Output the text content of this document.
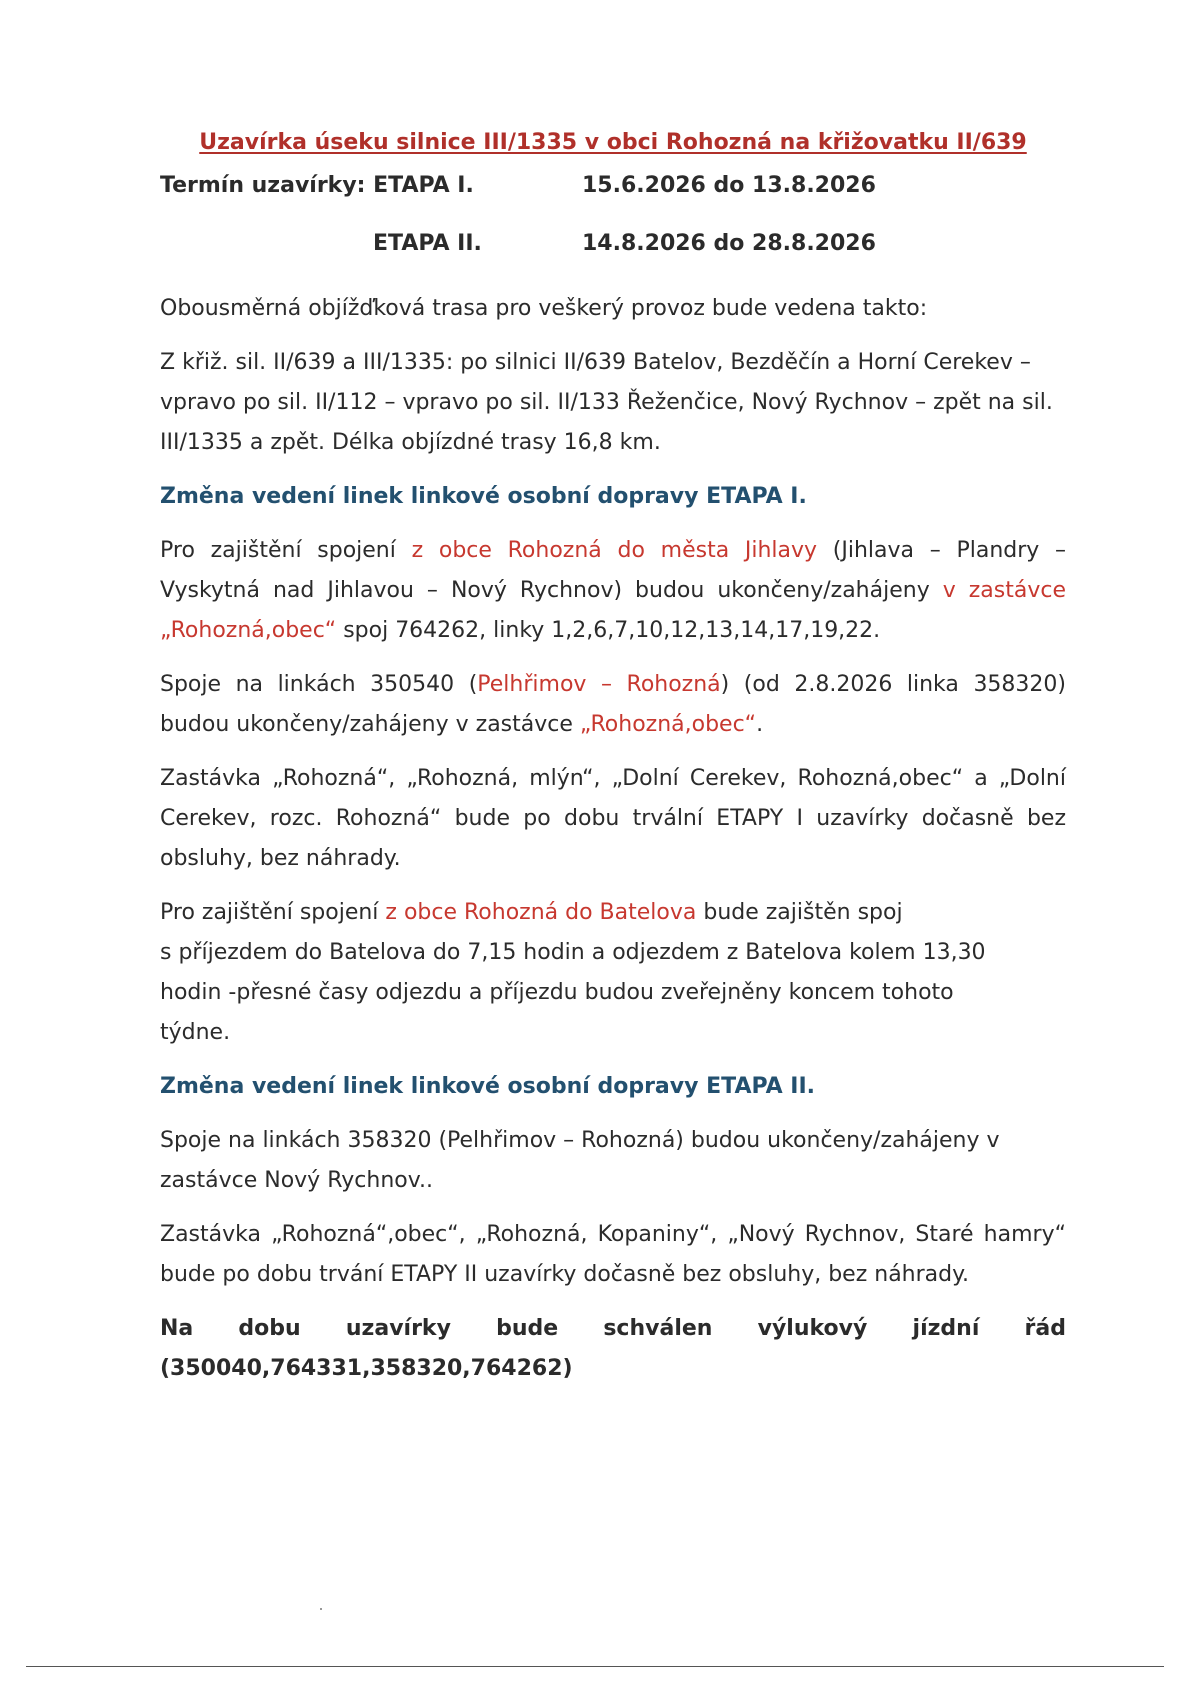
Uzavírka úseku silnice III/1335 v obci Rohozná na křižovatku II/639
Termín uzavírky: ETAPA I.	15.6.2026 do 13.8.2026
ETAPA II.	14.8.2026 do 28.8.2026

Obousměrná objížďková trasa pro veškerý provoz bude vedena takto:

Z křiž. sil. II/639 a III/1335: po silnici II/639 Batelov, Bezděčín a Horní Cerekev – vpravo po sil. II/112 – vpravo po sil. II/133 Řeženčice, Nový Rychnov – zpět na sil. III/1335 a zpět. Délka objízdné trasy 16,8 km.

Změna vedení linek linkové osobní dopravy ETAPA I.

Pro zajištění spojení z obce Rohozná do města Jihlavy (Jihlava – Plandry – Vyskytná nad Jihlavou – Nový Rychnov) budou ukončeny/zahájeny v zastávce „Rohozná,obec“ spoj 764262, linky 1,2,6,7,10,12,13,14,17,19,22.

Spoje na linkách 350540 (Pelhřimov – Rohozná) (od 2.8.2026 linka 358320) budou ukončeny/zahájeny v zastávce „Rohozná,obec“.

Zastávka „Rohozná“, „Rohozná, mlýn“, „Dolní Cerekev, Rohozná,obec“ a „Dolní Cerekev, rozc. Rohozná“ bude po dobu trvální ETAPY I uzavírky dočasně bez obsluhy, bez náhrady.

Pro zajištění spojení z obce Rohozná do Batelova bude zajištěn spoj
s příjezdem do Batelova do 7,15 hodin a odjezdem z Batelova kolem 13,30
hodin -přesné časy odjezdu a příjezdu budou zveřejněny koncem tohoto
týdne.

Změna vedení linek linkové osobní dopravy ETAPA II.

Spoje na linkách 358320 (Pelhřimov – Rohozná) budou ukončeny/zahájeny v zastávce Nový Rychnov..

Zastávka „Rohozná“,obec“, „Rohozná, Kopaniny“, „Nový Rychnov, Staré hamry“ bude po dobu trvání ETAPY II uzavírky dočasně bez obsluhy, bez náhrady.

Na dobu uzavírky bude schválen výlukový jízdní řád (350040,764331,358320,764262)
